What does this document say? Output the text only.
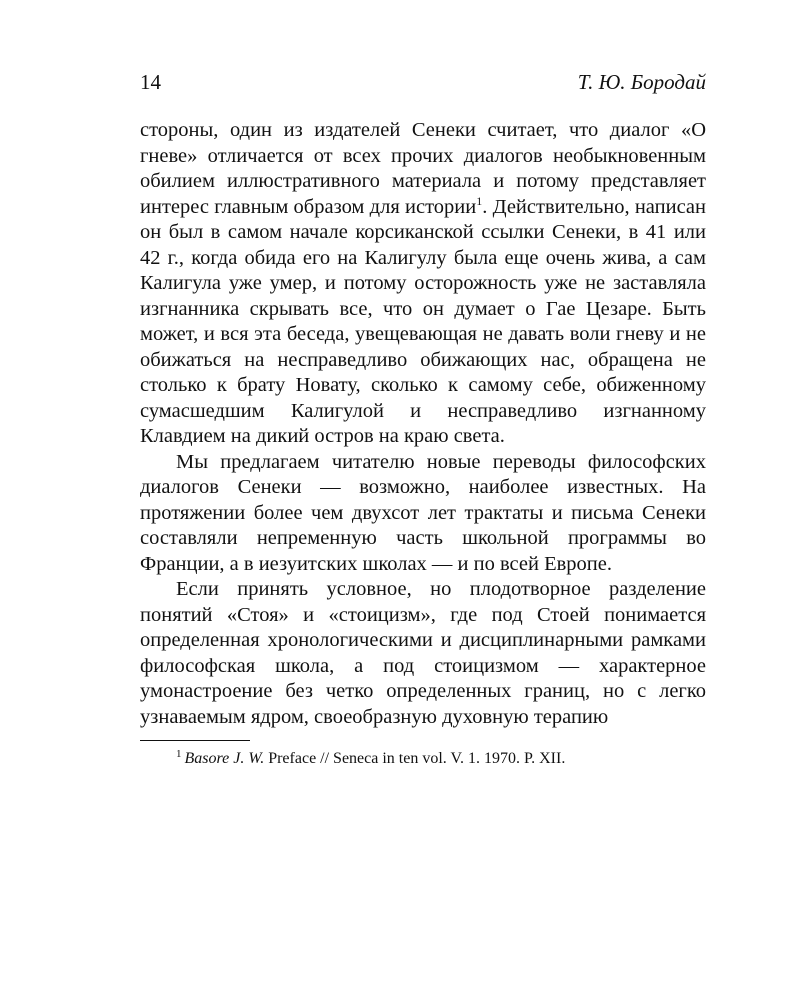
14	Т. Ю. Бородай

стороны, один из издателей Сенеки считает, что диалог «О гневе» отличается от всех прочих диалогов необыкновенным обилием иллюстративного материала и потому представляет интерес главным образом для истории$^1$. Действительно, написан он был в самом начале корсиканской ссылки Сенеки, в 41 или 42 г., когда обида его на Калигулу была еще очень жива, а сам Калигула уже умер, и потому осторожность уже не заставляла изгнанника скрывать все, что он думает о Гае Цезаре. Быть может, и вся эта беседа, увещевающая не давать воли гневу и не обижаться на несправедливо обижающих нас, обращена не столько к брату Новату, сколько к самому себе, обиженному сумасшедшим Калигулой и несправедливо изгнанному Клавдием на дикий остров на краю света.

Мы предлагаем читателю новые переводы философских диалогов Сенеки — возможно, наиболее известных. На протяжении более чем двухсот лет трактаты и письма Сенеки составляли непременную часть школьной программы во Франции, а в иезуитских школах — и по всей Европе.

Если принять условное, но плодотворное разделение понятий «Стоя» и «стоицизм», где под Стоей понимается определенная хронологическими и дисциплинарными рамками философская школа, а под стоицизмом — характерное умонастроение без четко определенных границ, но с легко узнаваемым ядром, своеобразную духовную терапию

$^1$ Basore J. W. Preface // Seneca in ten vol. V. 1. 1970. P. XII.
